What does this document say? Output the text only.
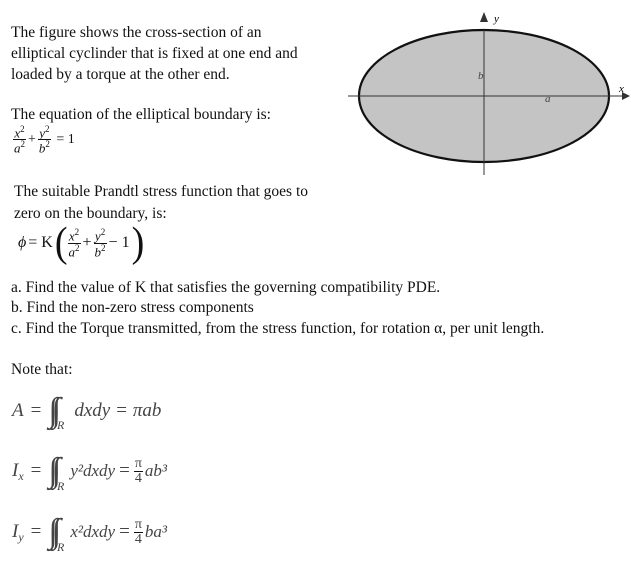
The figure shows the cross-section of an
elliptical cyclinder that is fixed at one end and
loaded by a torque at the other end.
The equation of the elliptical boundary is:
$\frac{x^2}{a^2} + \frac{y^2}{b^2} = 1$
The suitable Prandtl stress function that goes to
zero on the boundary, is:
ϕ = K ( $\frac{x^2}{a^2} + \frac{y^2}{b^2} - 1$ )
a. Find the value of K that satisfies the governing compatibility PDE.
b. Find the non-zero stress components
c. Find the Torque transmitted, from the stress function, for rotation α, per unit length.
Note that:
A = ∫∫ R
dxdy = πab
I x = ∫∫ R
y²dxdy = $\frac{\pi}{4} ab^3$
I y = ∫∫ R
x²dxdy = $\frac{\pi}{4} ba^3$
y
x
a
b
